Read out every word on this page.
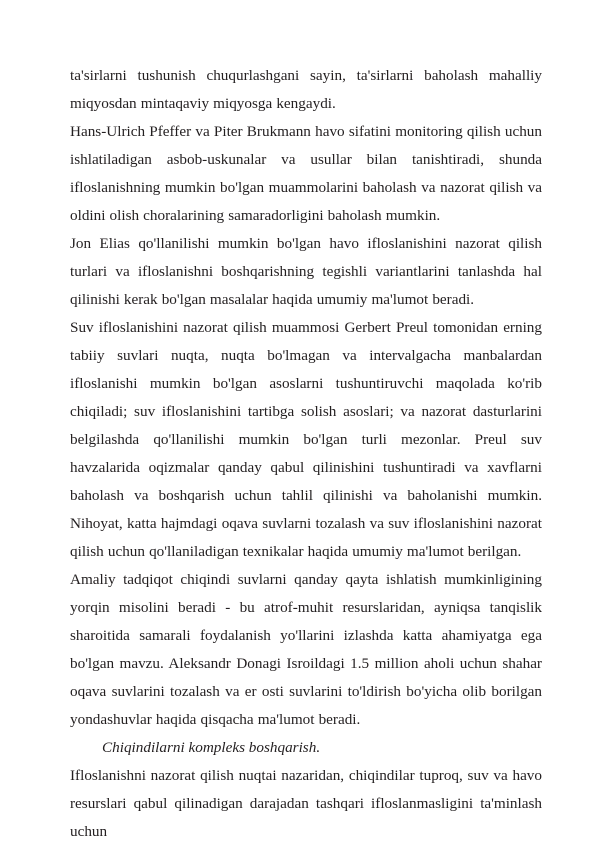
ta'sirlarni tushunish chuqurlashgani sayin, ta'sirlarni baholash mahalliy miqyosdan mintaqaviy miqyosga kengaydi.

Hans-Ulrich Pfeffer va Piter Brukmann havo sifatini monitoring qilish uchun ishlatiladigan asbob-uskunalar va usullar bilan tanishtiradi, shunda ifloslanishning mumkin bo'lgan muammolarini baholash va nazorat qilish va oldini olish choralarining samaradorligini baholash mumkin.

Jon Elias qo'llanilishi mumkin bo'lgan havo ifloslanishini nazorat qilish turlari va ifloslanishni boshqarishning tegishli variantlarini tanlashda hal qilinishi kerak bo'lgan masalalar haqida umumiy ma'lumot beradi.

Suv ifloslanishini nazorat qilish muammosi Gerbert Preul tomonidan erning tabiiy suvlari nuqta, nuqta bo'lmagan va intervalgacha manbalardan ifloslanishi mumkin bo'lgan asoslarni tushuntiruvchi maqolada ko'rib chiqiladi; suv ifloslanishini tartibga solish asoslari; va nazorat dasturlarini belgilashda qo'llanilishi mumkin bo'lgan turli mezonlar. Preul suv havzalarida oqizmalar qanday qabul qilinishini tushuntiradi va xavflarni baholash va boshqarish uchun tahlil qilinishi va baholanishi mumkin. Nihoyat, katta hajmdagi oqava suvlarni tozalash va suv ifloslanishini nazorat qilish uchun qo'llaniladigan texnikalar haqida umumiy ma'lumot berilgan.

Amaliy tadqiqot chiqindi suvlarni qanday qayta ishlatish mumkinligining yorqin misolini beradi - bu atrof-muhit resurslaridan, ayniqsa tanqislik sharoitida samarali foydalanish yo'llarini izlashda katta ahamiyatga ega bo'lgan mavzu. Aleksandr Donagi Isroildagi 1.5 million aholi uchun shahar oqava suvlarini tozalash va er osti suvlarini to'ldirish bo'yicha olib borilgan yondashuvlar haqida qisqacha ma'lumot beradi.

Chiqindilarni kompleks boshqarish.

Ifloslanishni nazorat qilish nuqtai nazaridan, chiqindilar tuproq, suv va havo resurslari qabul qilinadigan darajadan tashqari ifloslanmasligini ta'minlash uchun
